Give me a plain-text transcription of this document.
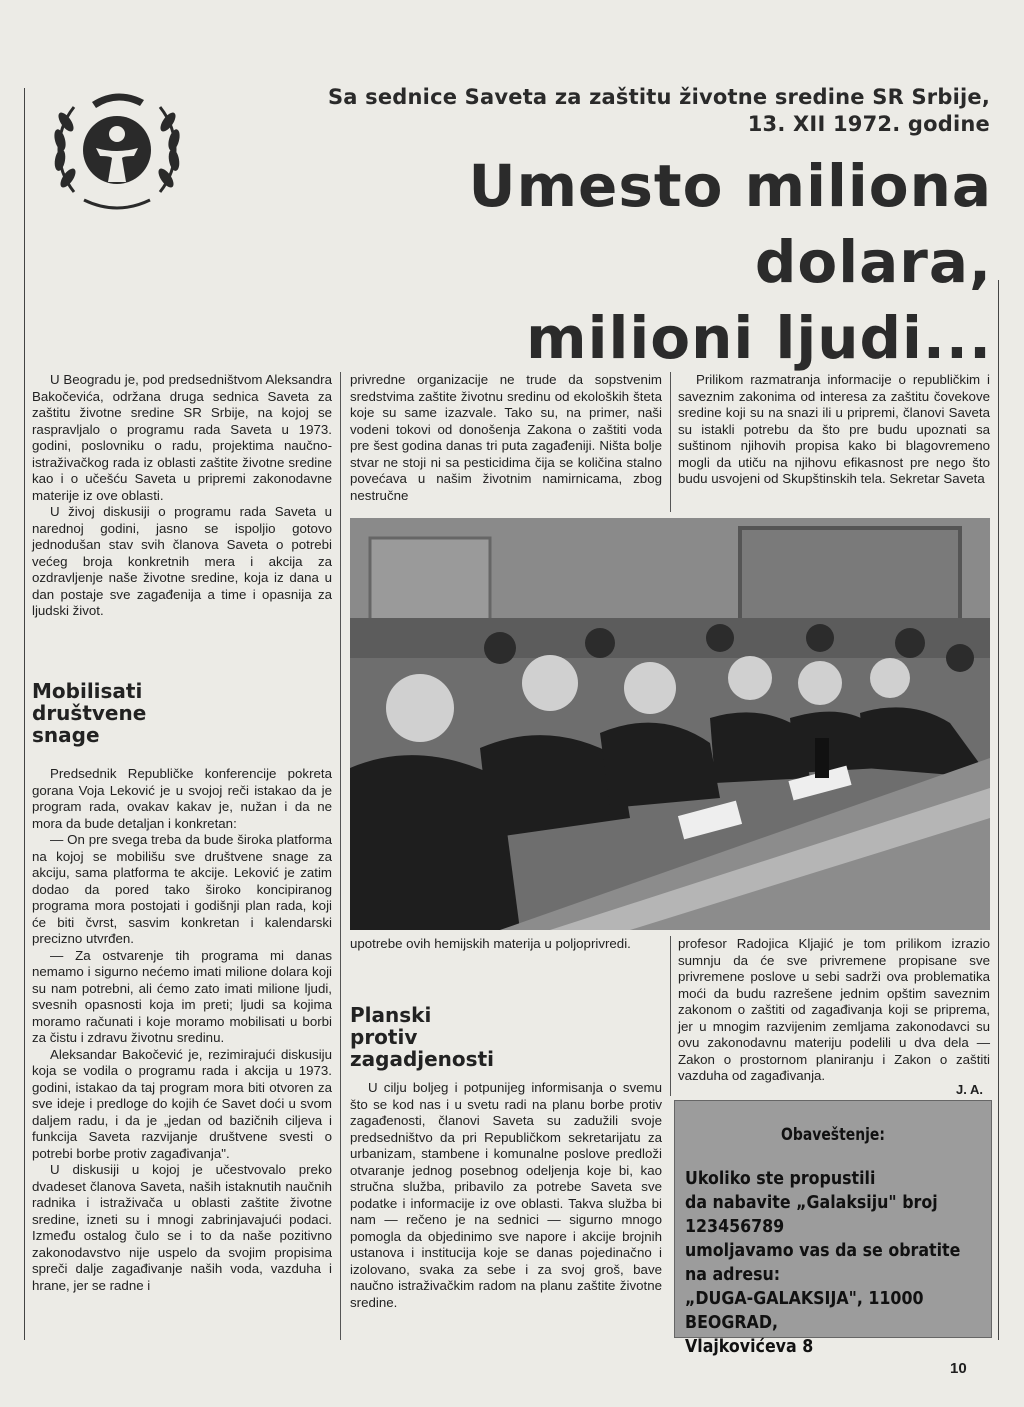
Sa sednice Saveta za zaštitu životne sredine SR Srbije,
13. XII 1972. godine
Umesto miliona dolara,
milioni ljudi...

U Beogradu je, pod predsedništvom Aleksandra Bakočevića, održana druga sednica Saveta za zaštitu životne sredine SR Srbije, na kojoj se raspravljalo o programu rada Saveta u 1973. godini, poslovniku o radu, projektima naučno-istraživačkog rada iz oblasti zaštite životne sredine kao i o učešću Saveta u pripremi zakonodavne materije iz ove oblasti.

U živoj diskusiji o programu rada Saveta u narednoj godini, jasno se ispoljio gotovo jednodušan stav svih članova Saveta o potrebi većeg broja konkretnih mera i akcija za ozdravljenje naše životne sredine, koja iz dana u dan postaje sve zagađenija a time i opasnija za ljudski život.

Mobilisati
društvene
snage

Predsednik Republičke konferencije pokreta gorana Voja Leković je u svojoj reči istakao da je program rada, ovakav kakav je, nužan i da ne mora da bude detaljan i konkretan:

— On pre svega treba da bude široka platforma na kojoj se mobilišu sve društvene snage za akciju, sama platforma te akcije. Leković je zatim dodao da pored tako široko koncipiranog programa mora postojati i godišnji plan rada, koji će biti čvrst, sasvim konkretan i kalendarski precizno utvrđen.

— Za ostvarenje tih programa mi danas nemamo i sigurno nećemo imati milione dolara koji su nam potrebni, ali ćemo zato imati milione ljudi, svesnih opasnosti koja im preti; ljudi sa kojima moramo računati i koje moramo mobilisati u borbi za čistu i zdravu životnu sredinu.

Aleksandar Bakočević je, rezimirajući diskusiju koja se vodila o programu rada i akcija u 1973. godini, istakao da taj program mora biti otvoren za sve ideje i predloge do kojih će Savet doći u svom daljem radu, i da je „jedan od bazičnih ciljeva i funkcija Saveta razvijanje društvene svesti o potrebi borbe protiv zagađivanja".

U diskusiji u kojoj je učestvovalo preko dvadeset članova Saveta, naših istaknutih naučnih radnika i istraživača u oblasti zaštite životne sredine, izneti su i mnogi zabrinjavajući podaci. Između ostalog čulo se i to da naše pozitivno zakonodavstvo nije uspelo da svojim propisima spreči dalje zagađivanje naših voda, vazduha i hrane, jer se radne i

privredne organizacije ne trude da sopstvenim sredstvima zaštite životnu sredinu od ekoloških šteta koje su same izazvale. Tako su, na primer, naši vodeni tokovi od donošenja Zakona o zaštiti voda pre šest godina danas tri puta zagađeniji. Ništa bolje stvar ne stoji ni sa pesticidima čija se količina stalno povećava u našim životnim namirnicama, zbog nestručne

Prilikom razmatranja informacije o republičkim i saveznim zakonima od interesa za zaštitu čovekove sredine koji su na snazi ili u pripremi, članovi Saveta su istakli potrebu da što pre budu upoznati sa suštinom njihovih propisa kako bi blagovremeno mogli da utiču na njihovu efikasnost pre nego što budu usvojeni od Skupštinskih tela. Sekretar Saveta

upotrebe ovih hemijskih materija u poljoprivredi.

Planski
protiv
zagadjenosti

U cilju boljeg i potpunijeg informisanja o svemu što se kod nas i u svetu radi na planu borbe protiv zagađenosti, članovi Saveta su zadužili svoje predsedništvo da pri Republičkom sekretarijatu za urbanizam, stambene i komunalne poslove predloži otvaranje jednog posebnog odeljenja koje bi, kao stručna služba, pribavilo za potrebe Saveta sve podatke i informacije iz ove oblasti. Takva služba bi nam — rečeno je na sednici — sigurno mnogo pomogla da objedinimo sve napore i akcije brojnih ustanova i institucija koje se danas pojedinačno i izolovano, svaka za sebe i za svoj groš, bave naučno istraživačkim radom na planu zaštite životne sredine.

profesor Radojica Kljajić je tom prilikom izrazio sumnju da će sve privremene propisane sve privremene poslove u sebi sadrži ova problematika moći da budu razrešene jednim opštim saveznim zakonom o zaštiti od zagađivanja koji se priprema, jer u mnogim razvijenim zemljama zakonodavci su ovu zakonodavnu materiju podelili u dva dela — Zakon o prostornom planiranju i Zakon o zaštiti vazduha od zagađivanja.

J. A.
Obaveštenje:
Ukoliko ste propustili
da nabavite „Galaksiju" broj 123456789
umoljavamo vas da se obratite na adresu:
„DUGA-GALAKSIJA", 11000 BEOGRAD,
Vlajkovićeva 8
10
